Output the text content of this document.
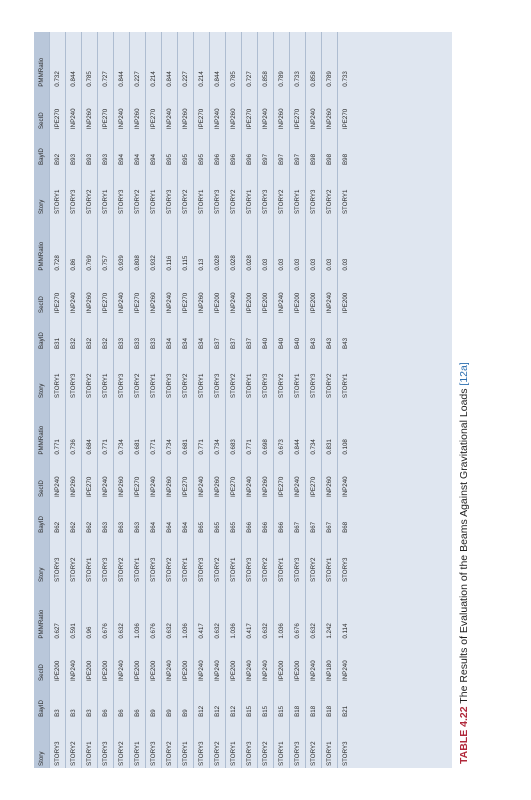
TABLE 4.22 The Results of Evaluation of the Beams Against Gravitational Loads [12a]
Story	BayID	SecID	PMMRatio	Story	BayID	SecID	PMMRatio	Story	BayID	SecID	PMMRatio	Story	BayID	SecID	PMMRatio
STORY3	B3	IPE200	0.627	STORY3	B62	INP240	0.771	STORY1	B31	IPE270	0.728	STORY1	B92	IPE270	0.732
STORY2	B3	INP240	0.591	STORY2	B62	INP260	0.736	STORY3	B32	INP240	0.86	STORY3	B93	INP240	0.844
STORY1	B3	IPE200	0.96	STORY1	B62	IPE270	0.684	STORY2	B32	INP260	0.769	STORY2	B93	INP260	0.785
STORY3	B6	IPE200	0.676	STORY3	B63	INP240	0.771	STORY1	B32	IPE270	0.757	STORY1	B93	IPE270	0.727
STORY2	B6	INP240	0.632	STORY2	B63	INP260	0.734	STORY3	B33	INP240	0.939	STORY3	B94	INP240	0.844
STORY1	B6	IPE200	1.036	STORY1	B63	IPE270	0.681	STORY2	B33	IPE270	0.808	STORY2	B94	INP260	0.227
STORY3	B9	IPE200	0.676	STORY3	B64	INP240	0.771	STORY1	B33	INP260	0.932	STORY1	B94	IPE270	0.214
STORY2	B9	INP240	0.632	STORY2	B64	INP260	0.734	STORY3	B34	INP240	0.116	STORY3	B95	INP240	0.844
STORY1	B9	IPE200	1.036	STORY1	B64	IPE270	0.681	STORY2	B34	IPE270	0.115	STORY2	B95	INP260	0.227
STORY3	B12	INP240	0.417	STORY3	B65	INP240	0.771	STORY1	B34	INP260	0.13	STORY1	B95	IPE270	0.214
STORY2	B12	INP240	0.632	STORY2	B65	INP260	0.734	STORY3	B37	IPE200	0.028	STORY3	B96	INP240	0.844
STORY1	B12	IPE200	1.036	STORY1	B65	IPE270	0.683	STORY2	B37	INP240	0.028	STORY2	B96	INP260	0.785
STORY3	B15	INP240	0.417	STORY3	B66	INP240	0.771	STORY1	B37	IPE200	0.028	STORY1	B96	IPE270	0.727
STORY2	B15	INP240	0.632	STORY2	B66	INP260	0.698	STORY3	B40	IPE200	0.03	STORY3	B97	INP240	0.858
STORY1	B15	IPE200	1.036	STORY1	B66	IPE270	0.673	STORY2	B40	INP240	0.03	STORY2	B97	INP260	0.789
STORY3	B18	IPE200	0.676	STORY3	B67	INP240	0.844	STORY1	B40	IPE200	0.03	STORY1	B97	IPE270	0.733
STORY2	B18	INP240	0.632	STORY2	B67	IPE270	0.734	STORY3	B43	IPE200	0.03	STORY3	B98	INP240	0.858
STORY1	B18	INP180	1.242	STORY1	B67	INP260	0.831	STORY2	B43	INP240	0.03	STORY2	B98	INP260	0.789
STORY3	B21	INP240	0.114	STORY3	B68	INP240	0.108	STORY1	B43	IPE200	0.03	STORY1	B98	IPE270	0.733
